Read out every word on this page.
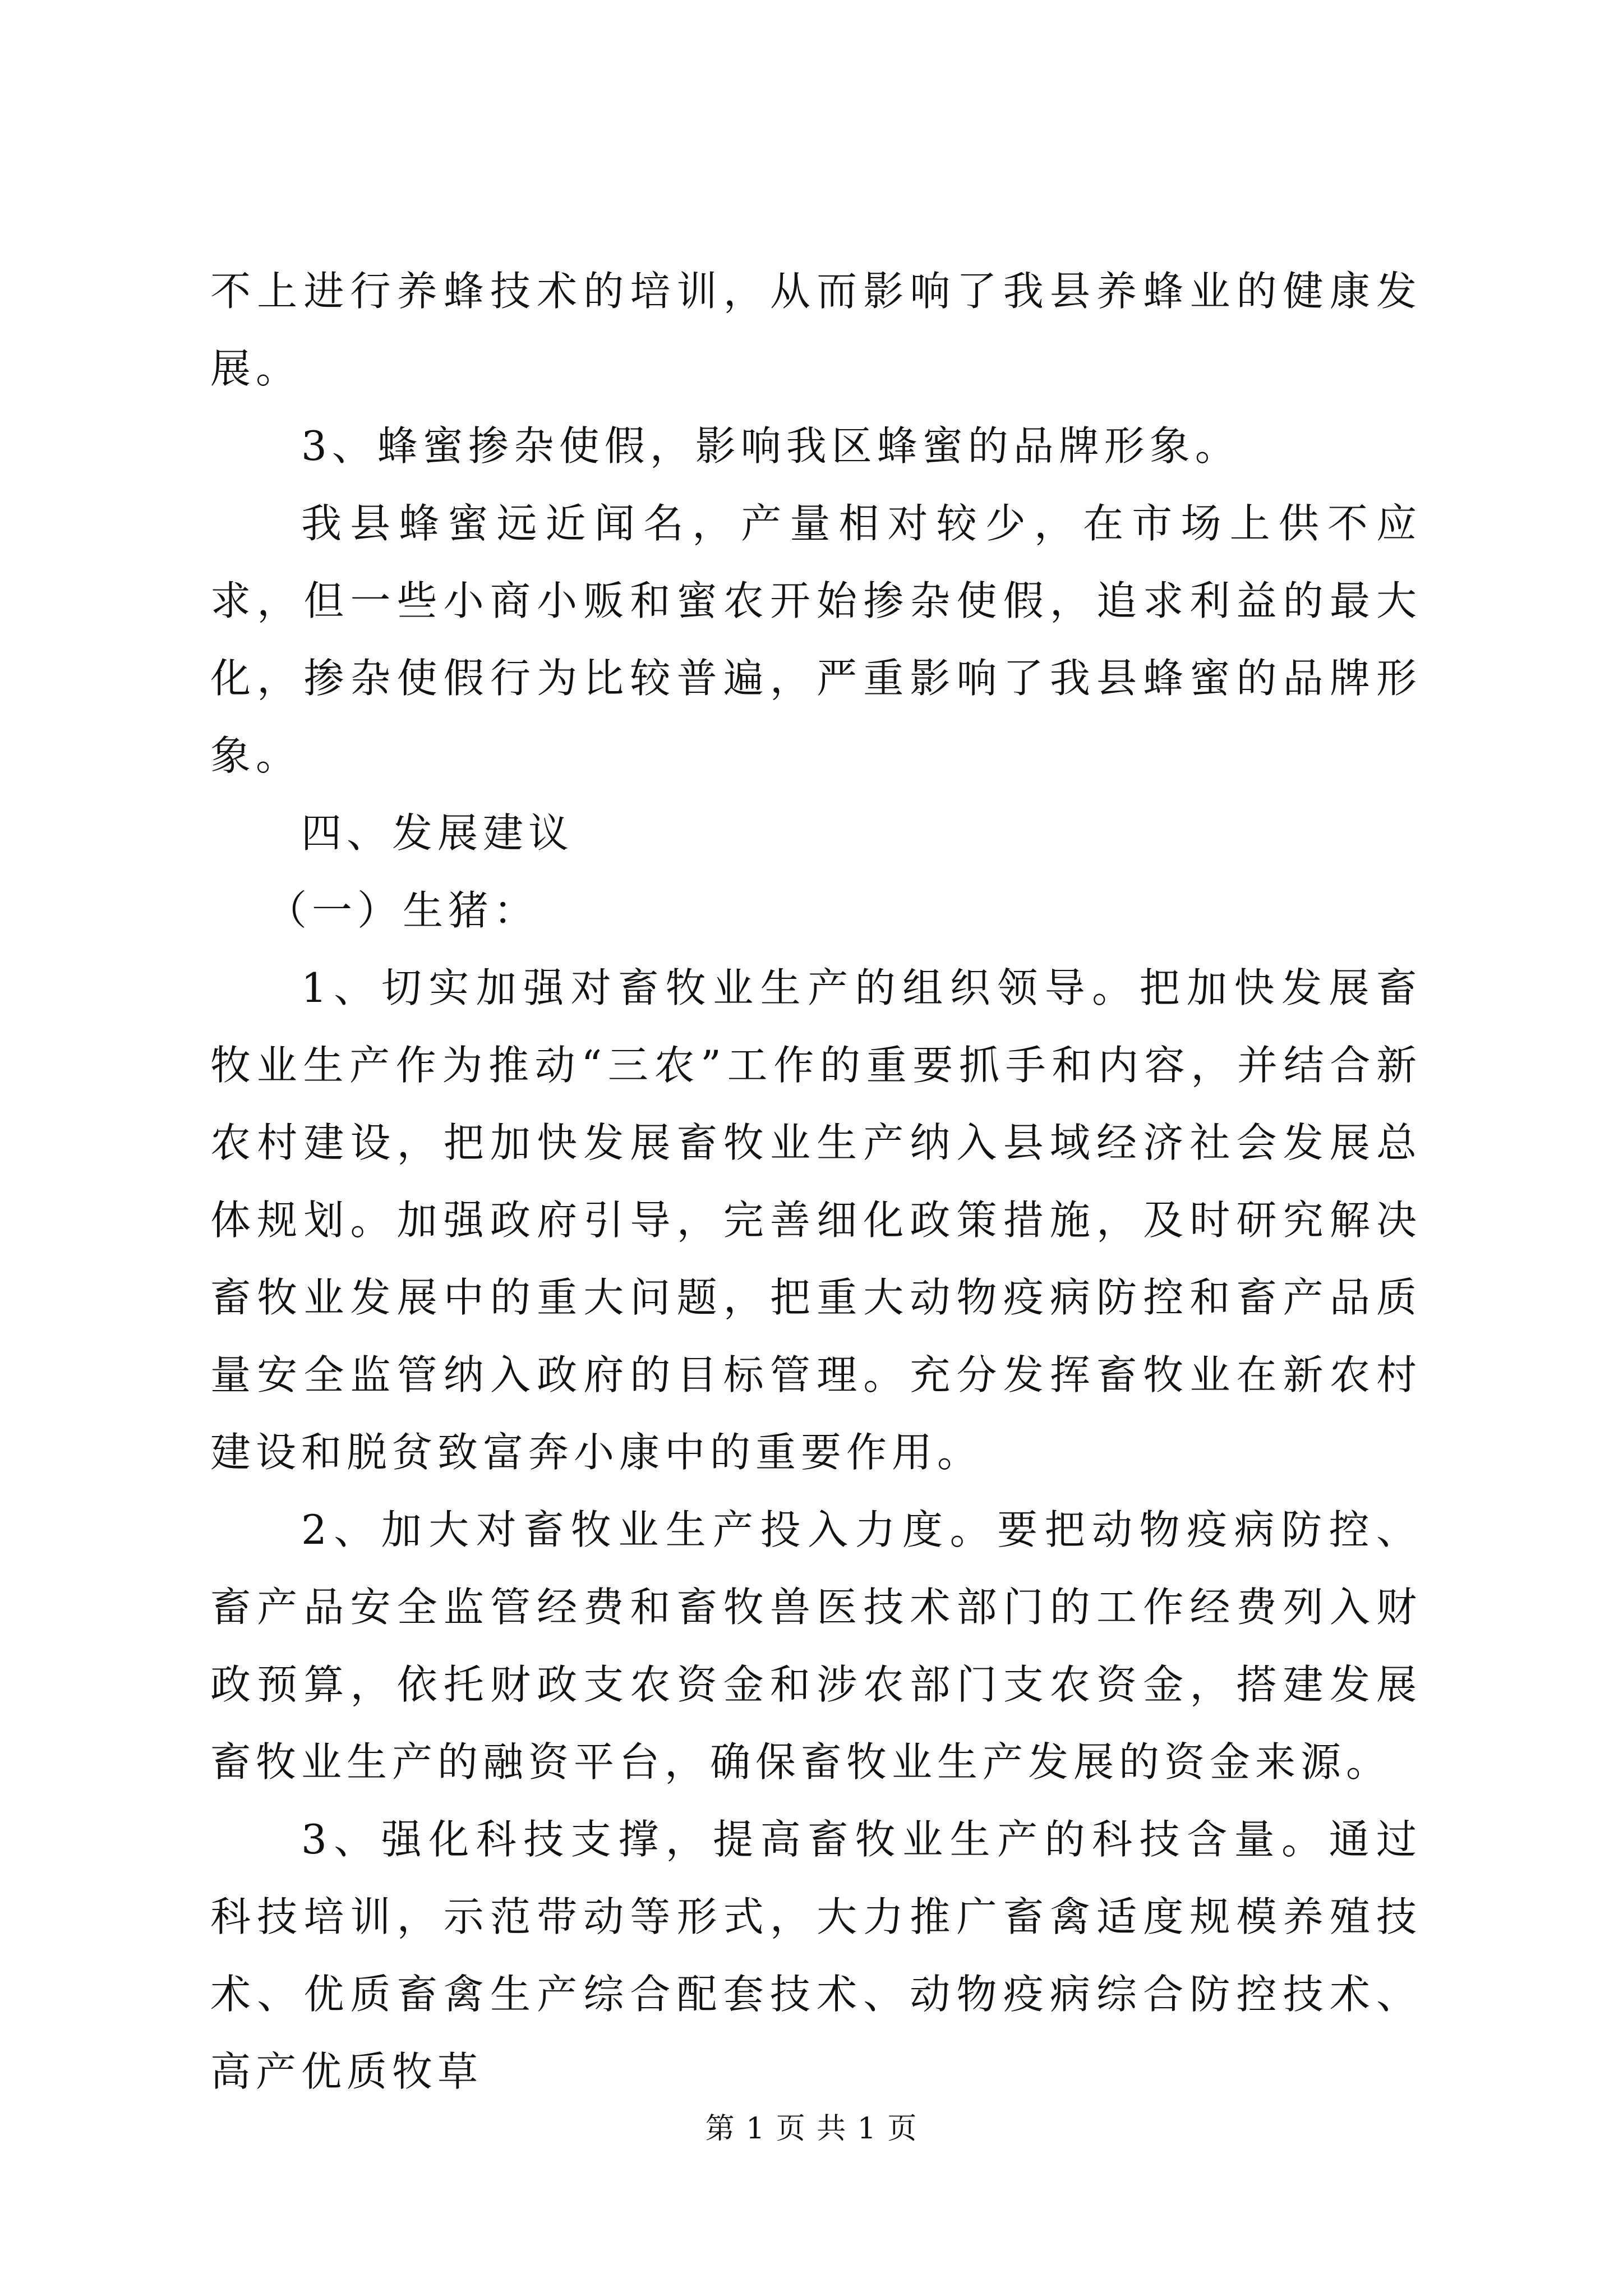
不上进行养蜂技术的培训，从而影响了我县养蜂业的健康发展。

3、蜂蜜掺杂使假，影响我区蜂蜜的品牌形象。

我县蜂蜜远近闻名，产量相对较少，在市场上供不应求，但一些小商小贩和蜜农开始掺杂使假，追求利益的最大化，掺杂使假行为比较普遍，严重影响了我县蜂蜜的品牌形象。

四、发展建议

（一）生猪：

1、切实加强对畜牧业生产的组织领导。把加快发展畜牧业生产作为推动“三农”工作的重要抓手和内容，并结合新农村建设，把加快发展畜牧业生产纳入县域经济社会发展总体规划。加强政府引导，完善细化政策措施，及时研究解决畜牧业发展中的重大问题，把重大动物疫病防控和畜产品质量安全监管纳入政府的目标管理。充分发挥畜牧业在新农村建设和脱贫致富奔小康中的重要作用。

2、加大对畜牧业生产投入力度。要把动物疫病防控、畜产品安全监管经费和畜牧兽医技术部门的工作经费列入财政预算，依托财政支农资金和涉农部门支农资金，搭建发展畜牧业生产的融资平台，确保畜牧业生产发展的资金来源。

3、强化科技支撑，提高畜牧业生产的科技含量。通过科技培训，示范带动等形式，大力推广畜禽适度规模养殖技术、优质畜禽生产综合配套技术、动物疫病综合防控技术、高产优质牧草

第 1 页 共 1 页
